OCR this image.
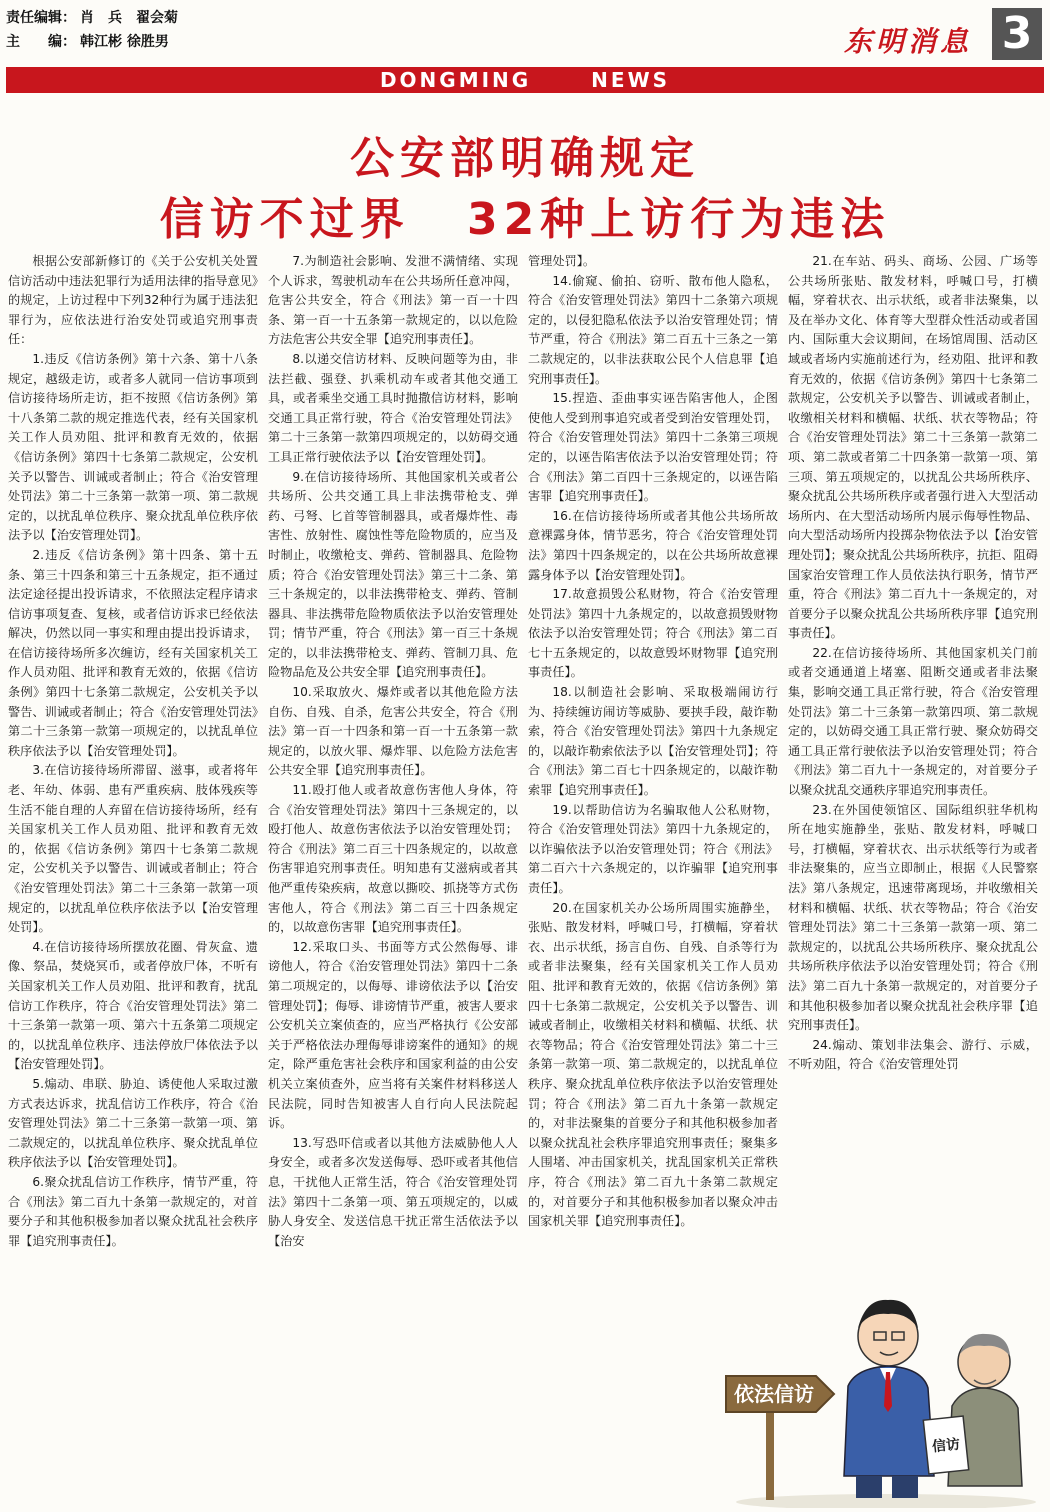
责任编辑： 肖　兵　翟会菊
主　　编： 韩江彬 徐胜男	东明消息 3
DONGMING NEWS
公安部明确规定
信访不过界 32种上访行为违法

根据公安部新修订的《关于公安机关处置信访活动中违法犯罪行为适用法律的指导意见》的规定，上访过程中下列32种行为属于违法犯罪行为，应依法进行治安处罚或追究刑事责任：

1.违反《信访条例》第十六条、第十八条规定，越级走访，或者多人就同一信访事项到信访接待场所走访，拒不按照《信访条例》第十八条第二款的规定推选代表，经有关国家机关工作人员劝阻、批评和教育无效的，依据《信访条例》第四十七条第二款规定，公安机关予以警告、训诫或者制止；符合《治安管理处罚法》第二十三条第一款第一项、第二款规定的，以扰乱单位秩序、聚众扰乱单位秩序依法予以【治安管理处罚】。

2.违反《信访条例》第十四条、第十五条、第三十四条和第三十五条规定，拒不通过法定途径提出投诉请求，不依照法定程序请求信访事项复查、复核，或者信访诉求已经依法解决，仍然以同一事实和理由提出投诉请求，在信访接待场所多次缠访，经有关国家机关工作人员劝阻、批评和教育无效的，依据《信访条例》第四十七条第二款规定，公安机关予以警告、训诫或者制止；符合《治安管理处罚法》第二十三条第一款第一项规定的，以扰乱单位秩序依法予以【治安管理处罚】。

3.在信访接待场所滞留、滋事，或者将年老、年幼、体弱、患有严重疾病、肢体残疾等生活不能自理的人弃留在信访接待场所，经有关国家机关工作人员劝阻、批评和教育无效的，依据《信访条例》第四十七条第二款规定，公安机关予以警告、训诫或者制止；符合《治安管理处罚法》第二十三条第一款第一项规定的，以扰乱单位秩序依法予以【治安管理处罚】。

4.在信访接待场所摆放花圈、骨灰盒、遗像、祭品，焚烧冥币，或者停放尸体，不听有关国家机关工作人员劝阻、批评和教育，扰乱信访工作秩序，符合《治安管理处罚法》第二十三条第一款第一项、第六十五条第二项规定的，以扰乱单位秩序、违法停放尸体依法予以【治安管理处罚】。

5.煽动、串联、胁迫、诱使他人采取过激方式表达诉求，扰乱信访工作秩序，符合《治安管理处罚法》第二十三条第一款第一项、第二款规定的，以扰乱单位秩序、聚众扰乱单位秩序依法予以【治安管理处罚】。

6.聚众扰乱信访工作秩序，情节严重，符合《刑法》第二百九十条第一款规定的，对首要分子和其他积极参加者以聚众扰乱社会秩序罪【追究刑事责任】。

7.为制造社会影响、发泄不满情绪、实现个人诉求，驾驶机动车在公共场所任意冲闯，危害公共安全，符合《刑法》第一百一十四条、第一百一十五条第一款规定的，以以危险方法危害公共安全罪【追究刑事责任】。

8.以递交信访材料、反映问题等为由，非法拦截、强登、扒乘机动车或者其他交通工具，或者乘坐交通工具时抛撒信访材料，影响交通工具正常行驶，符合《治安管理处罚法》第二十三条第一款第四项规定的，以妨碍交通工具正常行驶依法予以【治安管理处罚】。

9.在信访接待场所、其他国家机关或者公共场所、公共交通工具上非法携带枪支、弹药、弓弩、匕首等管制器具，或者爆炸性、毒害性、放射性、腐蚀性等危险物质的，应当及时制止，收缴枪支、弹药、管制器具、危险物质；符合《治安管理处罚法》第三十二条、第三十条规定的，以非法携带枪支、弹药、管制器具、非法携带危险物质依法予以治安管理处罚；情节严重，符合《刑法》第一百三十条规定的，以非法携带枪支、弹药、管制刀具、危险物品危及公共安全罪【追究刑事责任】。

10.采取放火、爆炸或者以其他危险方法自伤、自残、自杀，危害公共安全，符合《刑法》第一百一十四条和第一百一十五条第一款规定的，以放火罪、爆炸罪、以危险方法危害公共安全罪【追究刑事责任】。

11.殴打他人或者故意伤害他人身体，符合《治安管理处罚法》第四十三条规定的，以殴打他人、故意伤害依法予以治安管理处罚；符合《刑法》第二百三十四条规定的，以故意伤害罪追究刑事责任。明知患有艾滋病或者其他严重传染疾病，故意以撕咬、抓挠等方式伤害他人，符合《刑法》第二百三十四条规定的，以故意伤害罪【追究刑事责任】。

12.采取口头、书面等方式公然侮辱、诽谤他人，符合《治安管理处罚法》第四十二条第二项规定的，以侮辱、诽谤依法予以【治安管理处罚】；侮辱、诽谤情节严重，被害人要求公安机关立案侦查的，应当严格执行《公安部关于严格依法办理侮辱诽谤案件的通知》的规定，除严重危害社会秩序和国家利益的由公安机关立案侦查外，应当将有关案件材料移送人民法院，同时告知被害人自行向人民法院起诉。

13.写恐吓信或者以其他方法威胁他人人身安全，或者多次发送侮辱、恐吓或者其他信息，干扰他人正常生活，符合《治安管理处罚法》第四十二条第一项、第五项规定的，以威胁人身安全、发送信息干扰正常生活依法予以【治安

管理处罚】。

14.偷窥、偷拍、窃听、散布他人隐私，符合《治安管理处罚法》第四十二条第六项规定的，以侵犯隐私依法予以治安管理处罚；情节严重，符合《刑法》第二百五十三条之一第二款规定的，以非法获取公民个人信息罪【追究刑事责任】。

15.捏造、歪曲事实诬告陷害他人，企图使他人受到刑事追究或者受到治安管理处罚，符合《治安管理处罚法》第四十二条第三项规定的，以诬告陷害依法予以治安管理处罚；符合《刑法》第二百四十三条规定的，以诬告陷害罪【追究刑事责任】。

16.在信访接待场所或者其他公共场所故意裸露身体，情节恶劣，符合《治安管理处罚法》第四十四条规定的，以在公共场所故意裸露身体予以【治安管理处罚】。

17.故意损毁公私财物，符合《治安管理处罚法》第四十九条规定的，以故意损毁财物依法予以治安管理处罚；符合《刑法》第二百七十五条规定的，以故意毁坏财物罪【追究刑事责任】。

18.以制造社会影响、采取极端闹访行为、持续缠访闹访等威胁、要挟手段，敲诈勒索，符合《治安管理处罚法》第四十九条规定的，以敲诈勒索依法予以【治安管理处罚】；符合《刑法》第二百七十四条规定的，以敲诈勒索罪【追究刑事责任】。

19.以帮助信访为名骗取他人公私财物，符合《治安管理处罚法》第四十九条规定的，以诈骗依法予以治安管理处罚；符合《刑法》第二百六十六条规定的，以诈骗罪【追究刑事责任】。

20.在国家机关办公场所周围实施静坐，张贴、散发材料，呼喊口号，打横幅，穿着状衣、出示状纸，扬言自伤、自残、自杀等行为或者非法聚集，经有关国家机关工作人员劝阻、批评和教育无效的，依据《信访条例》第四十七条第二款规定，公安机关予以警告、训诫或者制止，收缴相关材料和横幅、状纸、状衣等物品；符合《治安管理处罚法》第二十三条第一款第一项、第二款规定的，以扰乱单位秩序、聚众扰乱单位秩序依法予以治安管理处罚；符合《刑法》第二百九十条第一款规定的，对非法聚集的首要分子和其他积极参加者以聚众扰乱社会秩序罪追究刑事责任；聚集多人围堵、冲击国家机关，扰乱国家机关正常秩序，符合《刑法》第二百九十条第二款规定的，对首要分子和其他积极参加者以聚众冲击国家机关罪【追究刑事责任】。

21.在车站、码头、商场、公园、广场等公共场所张贴、散发材料，呼喊口号，打横幅，穿着状衣、出示状纸，或者非法聚集，以及在举办文化、体育等大型群众性活动或者国内、国际重大会议期间，在场馆周围、活动区域或者场内实施前述行为，经劝阻、批评和教育无效的，依据《信访条例》第四十七条第二款规定，公安机关予以警告、训诫或者制止，收缴相关材料和横幅、状纸、状衣等物品；符合《治安管理处罚法》第二十三条第一款第二项、第二款或者第二十四条第一款第一项、第三项、第五项规定的，以扰乱公共场所秩序、聚众扰乱公共场所秩序或者强行进入大型活动场所内、在大型活动场所内展示侮辱性物品、向大型活动场所内投掷杂物依法予以【治安管理处罚】；聚众扰乱公共场所秩序，抗拒、阻碍国家治安管理工作人员依法执行职务，情节严重，符合《刑法》第二百九十一条规定的，对首要分子以聚众扰乱公共场所秩序罪【追究刑事责任】。

22.在信访接待场所、其他国家机关门前或者交通通道上堵塞、阻断交通或者非法聚集，影响交通工具正常行驶，符合《治安管理处罚法》第二十三条第一款第四项、第二款规定的，以妨碍交通工具正常行驶、聚众妨碍交通工具正常行驶依法予以治安管理处罚；符合《刑法》第二百九十一条规定的，对首要分子以聚众扰乱交通秩序罪追究刑事责任。

23.在外国使领馆区、国际组织驻华机构所在地实施静坐，张贴、散发材料，呼喊口号，打横幅，穿着状衣、出示状纸等行为或者非法聚集的，应当立即制止，根据《人民警察法》第八条规定，迅速带离现场，并收缴相关材料和横幅、状纸、状衣等物品；符合《治安管理处罚法》第二十三条第一款第一项、第二款规定的，以扰乱公共场所秩序、聚众扰乱公共场所秩序依法予以治安管理处罚；符合《刑法》第二百九十条第一款规定的，对首要分子和其他积极参加者以聚众扰乱社会秩序罪【追究刑事责任】。

24.煽动、策划非法集会、游行、示威，不听劝阻，符合《治安管理处罚

依法信访
信访
